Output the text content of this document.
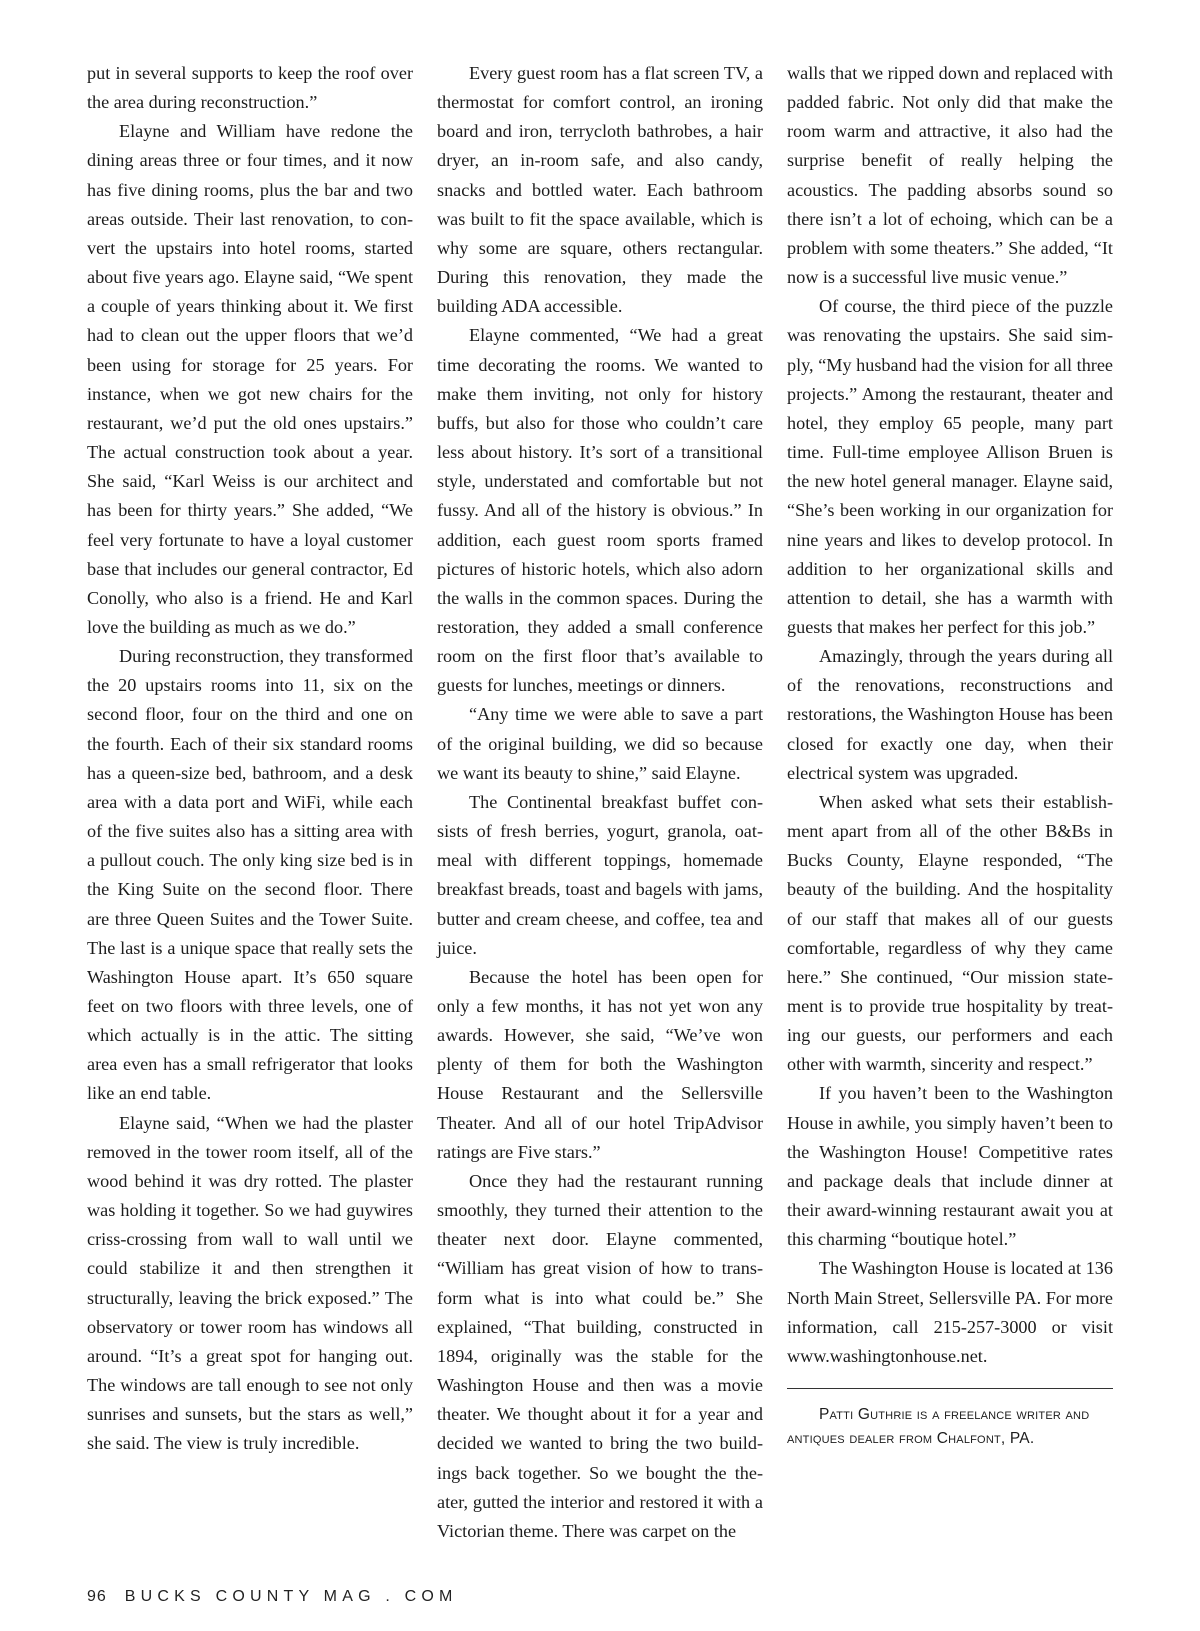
put in several supports to keep the roof over the area during reconstruction.”

Elayne and William have redone the dining areas three or four times, and it now has five dining rooms, plus the bar and two areas outside. Their last renovation, to convert the upstairs into hotel rooms, started about five years ago. Elayne said, “We spent a couple of years thinking about it. We first had to clean out the upper floors that we’d been using for storage for 25 years. For instance, when we got new chairs for the restaurant, we’d put the old ones upstairs.” The actual construction took about a year. She said, “Karl Weiss is our architect and has been for thirty years.” She added, “We feel very fortunate to have a loyal customer base that includes our general contractor, Ed Conolly, who also is a friend. He and Karl love the building as much as we do.”

During reconstruction, they transformed the 20 upstairs rooms into 11, six on the second floor, four on the third and one on the fourth. Each of their six standard rooms has a queen-size bed, bathroom, and a desk area with a data port and WiFi, while each of the five suites also has a sitting area with a pullout couch. The only king size bed is in the King Suite on the second floor. There are three Queen Suites and the Tower Suite. The last is a unique space that really sets the Washington House apart. It’s 650 square feet on two floors with three levels, one of which actually is in the attic. The sitting area even has a small refrigerator that looks like an end table.

Elayne said, “When we had the plaster removed in the tower room itself, all of the wood behind it was dry rotted. The plaster was holding it together. So we had guywires criss-crossing from wall to wall until we could stabilize it and then strengthen it structurally, leaving the brick exposed.” The observatory or tower room has windows all around. “It’s a great spot for hanging out. The windows are tall enough to see not only sunrises and sunsets, but the stars as well,” she said. The view is truly incredible.

Every guest room has a flat screen TV, a thermostat for comfort control, an ironing board and iron, terrycloth bathrobes, a hair dryer, an in-room safe, and also candy, snacks and bottled water. Each bathroom was built to fit the space available, which is why some are square, others rectangular. During this renovation, they made the building ADA accessible.

Elayne commented, “We had a great time decorating the rooms. We wanted to make them inviting, not only for history buffs, but also for those who couldn’t care less about history. It’s sort of a transitional style, understated and comfortable but not fussy. And all of the history is obvious.” In addition, each guest room sports framed pictures of historic hotels, which also adorn the walls in the common spaces. During the restoration, they added a small conference room on the first floor that’s available to guests for lunches, meetings or dinners.

“Any time we were able to save a part of the original building, we did so because we want its beauty to shine,” said Elayne.

The Continental breakfast buffet consists of fresh berries, yogurt, granola, oatmeal with different toppings, homemade breakfast breads, toast and bagels with jams, butter and cream cheese, and coffee, tea and juice.

Because the hotel has been open for only a few months, it has not yet won any awards. However, she said, “We’ve won plenty of them for both the Washington House Restaurant and the Sellersville Theater. And all of our hotel TripAdvisor ratings are Five stars.”

Once they had the restaurant running smoothly, they turned their attention to the theater next door. Elayne commented, “William has great vision of how to transform what is into what could be.” She explained, “That building, constructed in 1894, originally was the stable for the Washington House and then was a movie theater. We thought about it for a year and decided we wanted to bring the two buildings back together. So we bought the theater, gutted the interior and restored it with a Victorian theme. There was carpet on the

walls that we ripped down and replaced with padded fabric. Not only did that make the room warm and attractive, it also had the surprise benefit of really helping the acoustics. The padding absorbs sound so there isn’t a lot of echoing, which can be a problem with some theaters.” She added, “It now is a successful live music venue.”

Of course, the third piece of the puzzle was renovating the upstairs. She said simply, “My husband had the vision for all three projects.” Among the restaurant, theater and hotel, they employ 65 people, many part time. Full-time employee Allison Bruen is the new hotel general manager. Elayne said, “She’s been working in our organization for nine years and likes to develop protocol. In addition to her organizational skills and attention to detail, she has a warmth with guests that makes her perfect for this job.”

Amazingly, through the years during all of the renovations, reconstructions and restorations, the Washington House has been closed for exactly one day, when their electrical system was upgraded.

When asked what sets their establishment apart from all of the other B&Bs in Bucks County, Elayne responded, “The beauty of the building. And the hospitality of our staff that makes all of our guests comfortable, regardless of why they came here.” She continued, “Our mission statement is to provide true hospitality by treating our guests, our performers and each other with warmth, sincerity and respect.”

If you haven’t been to the Washington House in awhile, you simply haven’t been to the Washington House! Competitive rates and package deals that include dinner at their award-winning restaurant await you at this charming “boutique hotel.”

The Washington House is located at 136 North Main Street, Sellersville PA. For more information, call 215-257-3000 or visit www.washingtonhouse.net.

Patti Guthrie is a freelance writer and antiques dealer from Chalfont, PA.

96 BUCKS COUNTY MAG . COM
